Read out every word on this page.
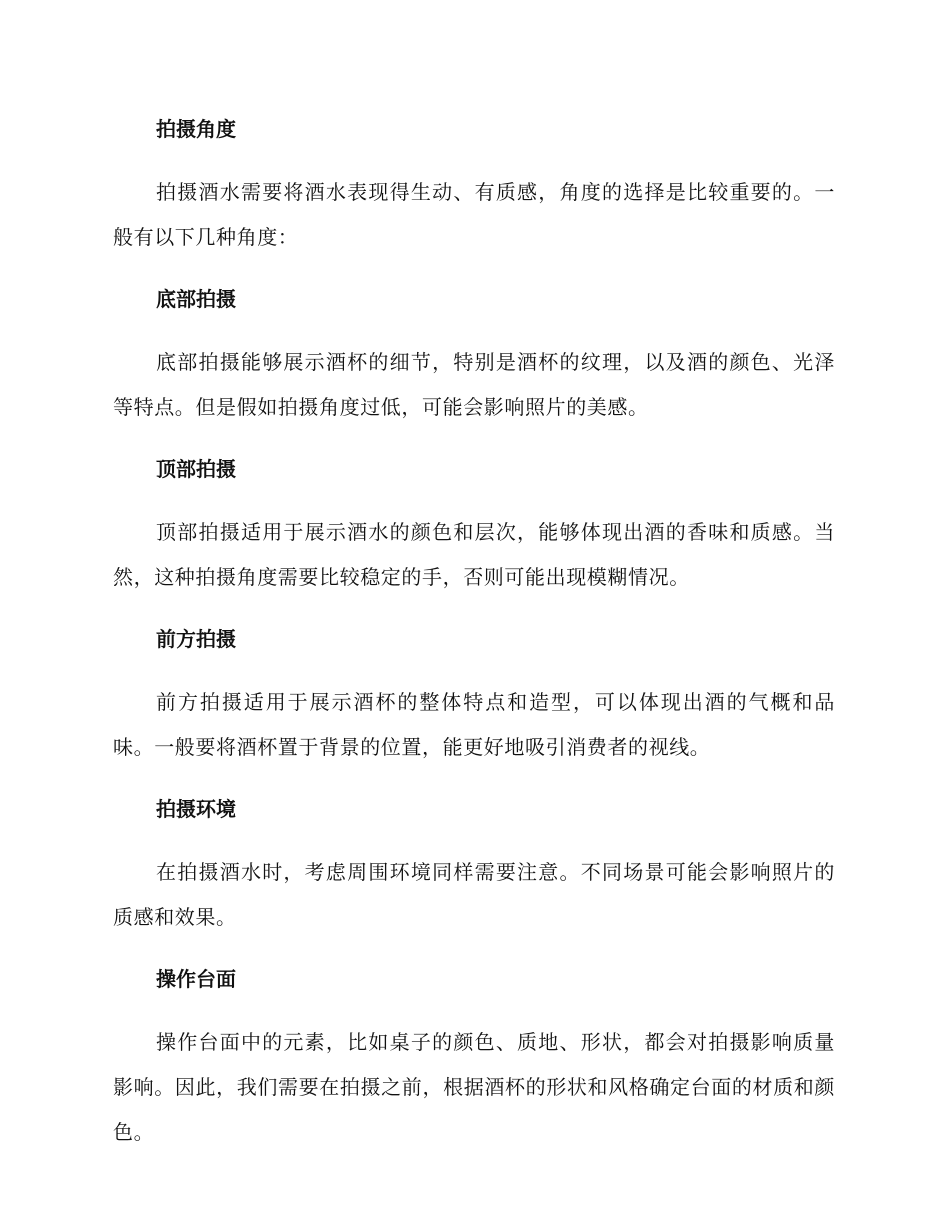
拍摄角度

拍摄酒水需要将酒水表现得生动、有质感，角度的选择是比较重要的。一般有以下几种角度：

底部拍摄

底部拍摄能够展示酒杯的细节，特别是酒杯的纹理，以及酒的颜色、光泽等特点。但是假如拍摄角度过低，可能会影响照片的美感。

顶部拍摄

顶部拍摄适用于展示酒水的颜色和层次，能够体现出酒的香味和质感。当然，这种拍摄角度需要比较稳定的手，否则可能出现模糊情况。

前方拍摄

前方拍摄适用于展示酒杯的整体特点和造型，可以体现出酒的气概和品味。一般要将酒杯置于背景的位置，能更好地吸引消费者的视线。

拍摄环境

在拍摄酒水时，考虑周围环境同样需要注意。不同场景可能会影响照片的质感和效果。

操作台面

操作台面中的元素，比如桌子的颜色、质地、形状，都会对拍摄影响质量影响。因此，我们需要在拍摄之前，根据酒杯的形状和风格确定台面的材质和颜色。
